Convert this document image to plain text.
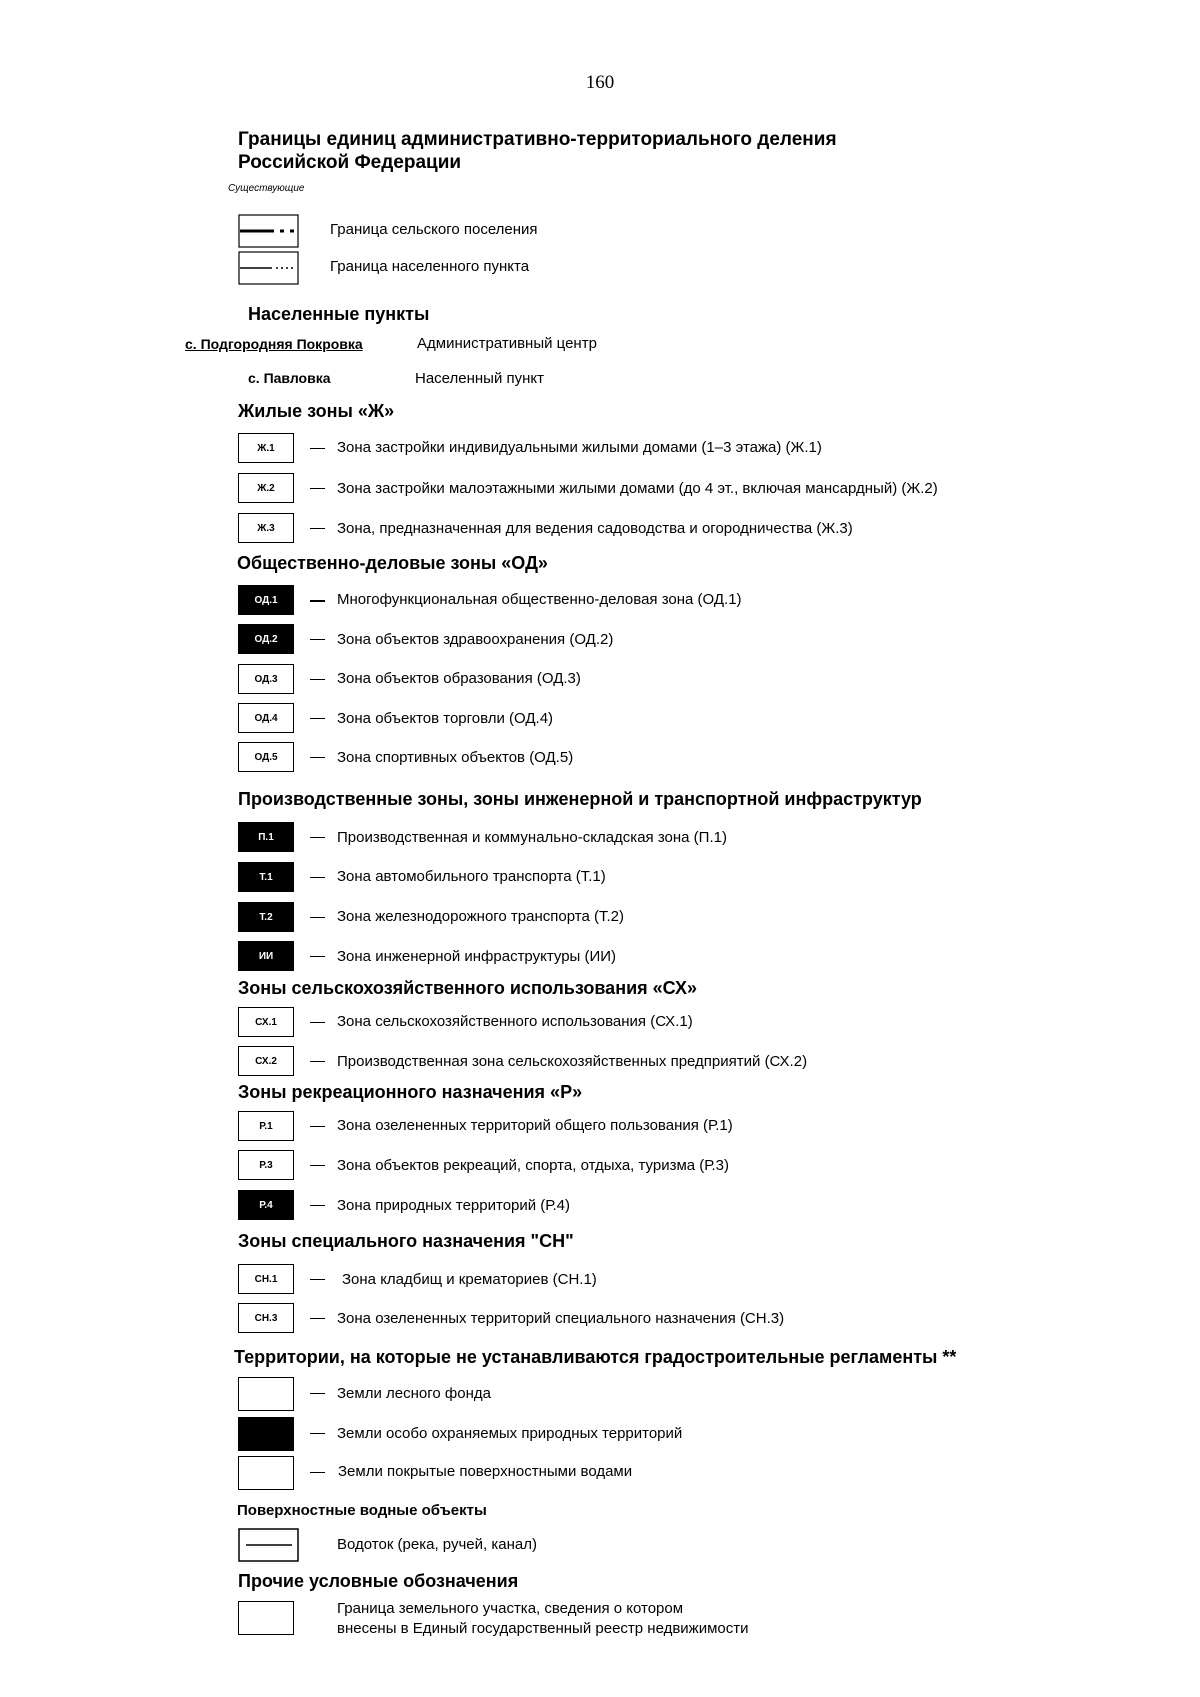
160
Границы единиц административно-территориального деления
Российской Федерации
Существующие
Граница сельского поселения
Граница населенного пункта
Населенные пункты
с. Подгородняя Покровка	Административный центр
с. Павловка	Населенный пункт
Жилые зоны «Ж»
Ж.1	Зона застройки индивидуальными жилыми домами (1–3 этажа) (Ж.1)
Ж.2	Зона застройки малоэтажными жилыми домами (до 4 эт., включая мансардный) (Ж.2)
Ж.3	Зона, предназначенная для ведения садоводства и огородничества (Ж.3)
Общественно-деловые зоны «ОД»
ОД.1	Многофункциональная общественно-деловая зона (ОД.1)
ОД.2	Зона объектов здравоохранения (ОД.2)
ОД.3	Зона объектов образования (ОД.3)
ОД.4	Зона объектов торговли (ОД.4)
ОД.5	Зона спортивных объектов (ОД.5)
Производственные зоны, зоны инженерной и транспортной инфраструктур
П.1	Производственная и коммунально-складская зона (П.1)
Т.1	Зона автомобильного транспорта (Т.1)
Т.2	Зона железнодорожного транспорта (Т.2)
ИИ	Зона инженерной инфраструктуры (ИИ)
Зоны сельскохозяйственного использования «СХ»
СХ.1	Зона сельскохозяйственного использования (СХ.1)
СХ.2	Производственная зона сельскохозяйственных предприятий (СХ.2)
Зоны рекреационного назначения «Р»
Р.1	Зона озелененных территорий общего пользования (Р.1)
Р.3	Зона объектов рекреаций, спорта, отдыха, туризма (Р.3)
Р.4	Зона природных территорий (Р.4)
Зоны специального назначения "СН"
СН.1	Зона кладбищ и крематориев (СН.1)
СН.3	Зона озелененных территорий специального назначения (СН.3)
Территории, на которые не устанавливаются градостроительные регламенты **
Земли лесного фонда
Земли особо охраняемых природных территорий
Земли покрытые поверхностными водами
Поверхностные водные объекты
Водоток (река, ручей, канал)
Прочие условные обозначения
Граница земельного участка, сведения о котором
внесены в Единый государственный реестр недвижимости
